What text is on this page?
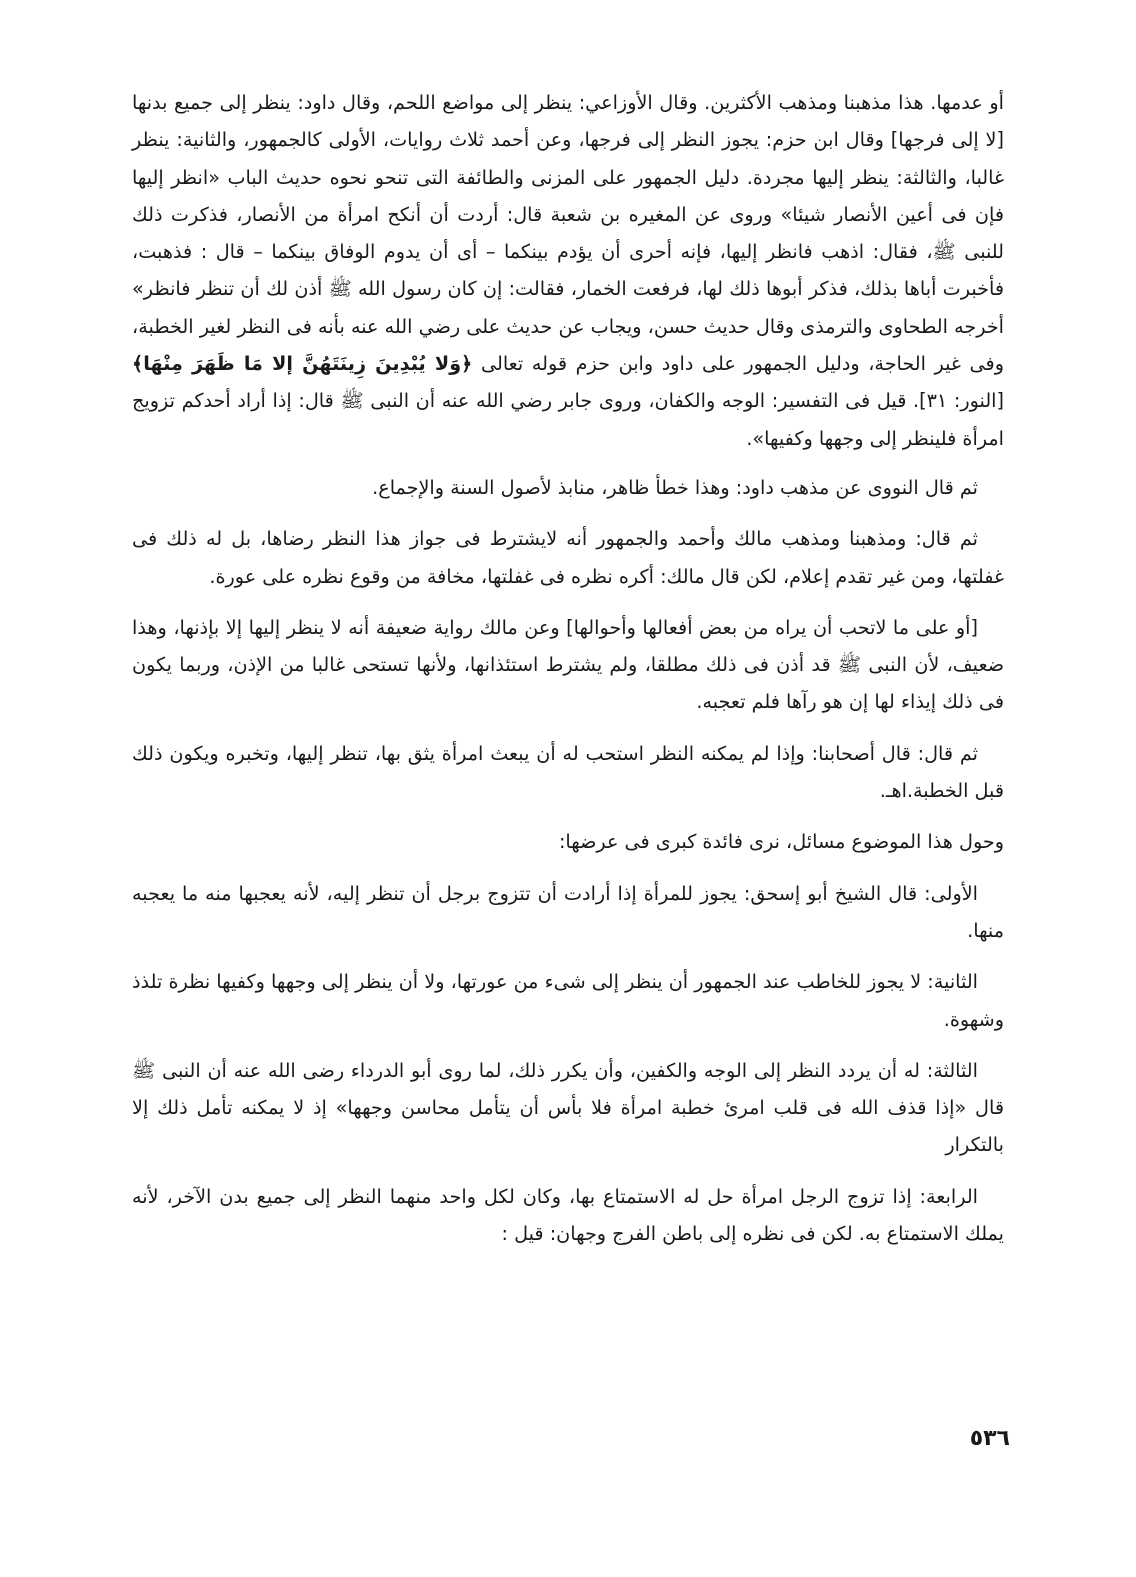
أو عدمها. هذا مذهبنا ومذهب الأكثرين. وقال الأوزاعي: ينظر إلى مواضع اللحم، وقال داود: ينظر إلى جميع بدنها [لا إلى فرجها] وقال ابن حزم: يجوز النظر إلى فرجها، وعن أحمد ثلاث روايات، الأولى كالجمهور، والثانية: ينظر غالبا، والثالثة: ينظر إليها مجردة. دليل الجمهور على المزنى والطائفة التى تنحو نحوه حديث الباب «انظر إليها فإن فى أعين الأنصار شيئا» وروى عن المغيره بن شعبة قال: أردت أن أنكح امرأة من الأنصار، فذكرت ذلك للنبى ﷺ، فقال: اذهب فانظر إليها، فإنه أحرى أن يؤدم بينكما – أى أن يدوم الوفاق بينكما – قال : فذهبت، فأخبرت أباها بذلك، فذكر أبوها ذلك لها، فرفعت الخمار، فقالت: إن كان رسول الله ﷺ أذن لك أن تنظر فانظر» أخرجه الطحاوى والترمذى وقال حديث حسن، ويجاب عن حديث على رضي الله عنه بأنه فى النظر لغير الخطبة، وفى غير الحاجة، ودليل الجمهور على داود وابن حزم قوله تعالى ﴿وَلا يُبْدِينَ زِينَتَهُنَّ إلا مَا ظَهَرَ مِنْهَا﴾ [النور: ٣١]. قيل فى التفسير: الوجه والكفان، وروى جابر رضي الله عنه أن النبى ﷺ قال: إذا أراد أحدكم تزويج امرأة فلينظر إلى وجهها وكفيها».

ثم قال النووى عن مذهب داود: وهذا خطأ ظاهر، منابذ لأصول السنة والإجماع.

ثم قال: ومذهبنا ومذهب مالك وأحمد والجمهور أنه لايشترط فى جواز هذا النظر رضاها، بل له ذلك فى غفلتها، ومن غير تقدم إعلام، لكن قال مالك: أكره نظره فى غفلتها، مخافة من وقوع نظره على عورة.

[أو على ما لاتحب أن يراه من بعض أفعالها وأحوالها] وعن مالك رواية ضعيفة أنه لا ينظر إليها إلا بإذنها، وهذا ضعيف، لأن النبى ﷺ قد أذن فى ذلك مطلقا، ولم يشترط استئذانها، ولأنها تستحى غالبا من الإذن، وربما يكون فى ذلك إيذاء لها إن هو رآها فلم تعجبه.

ثم قال: قال أصحابنا: وإذا لم يمكنه النظر استحب له أن يبعث امرأة يثق بها، تنظر إليها، وتخبره ويكون ذلك قبل الخطبة.اهـ.

وحول هذا الموضوع مسائل، نرى فائدة كبرى فى عرضها:

الأولى: قال الشيخ أبو إسحق: يجوز للمرأة إذا أرادت أن تتزوج برجل أن تنظر إليه، لأنه يعجبها منه ما يعجبه منها.

الثانية: لا يجوز للخاطب عند الجمهور أن ينظر إلى شىء من عورتها، ولا أن ينظر إلى وجهها وكفيها نظرة تلذذ وشهوة.

الثالثة: له أن يردد النظر إلى الوجه والكفين، وأن يكرر ذلك، لما روى أبو الدرداء رضى الله عنه أن النبى ﷺ قال «إذا قذف الله فى قلب امرئ خطبة امرأة فلا بأس أن يتأمل محاسن وجهها» إذ لا يمكنه تأمل ذلك إلا بالتكرار

الرابعة: إذا تزوج الرجل امرأة حل له الاستمتاع بها، وكان لكل واحد منهما النظر إلى جميع بدن الآخر، لأنه يملك الاستمتاع به. لكن فى نظره إلى باطن الفرج وجهان: قيل :

٥٣٦
